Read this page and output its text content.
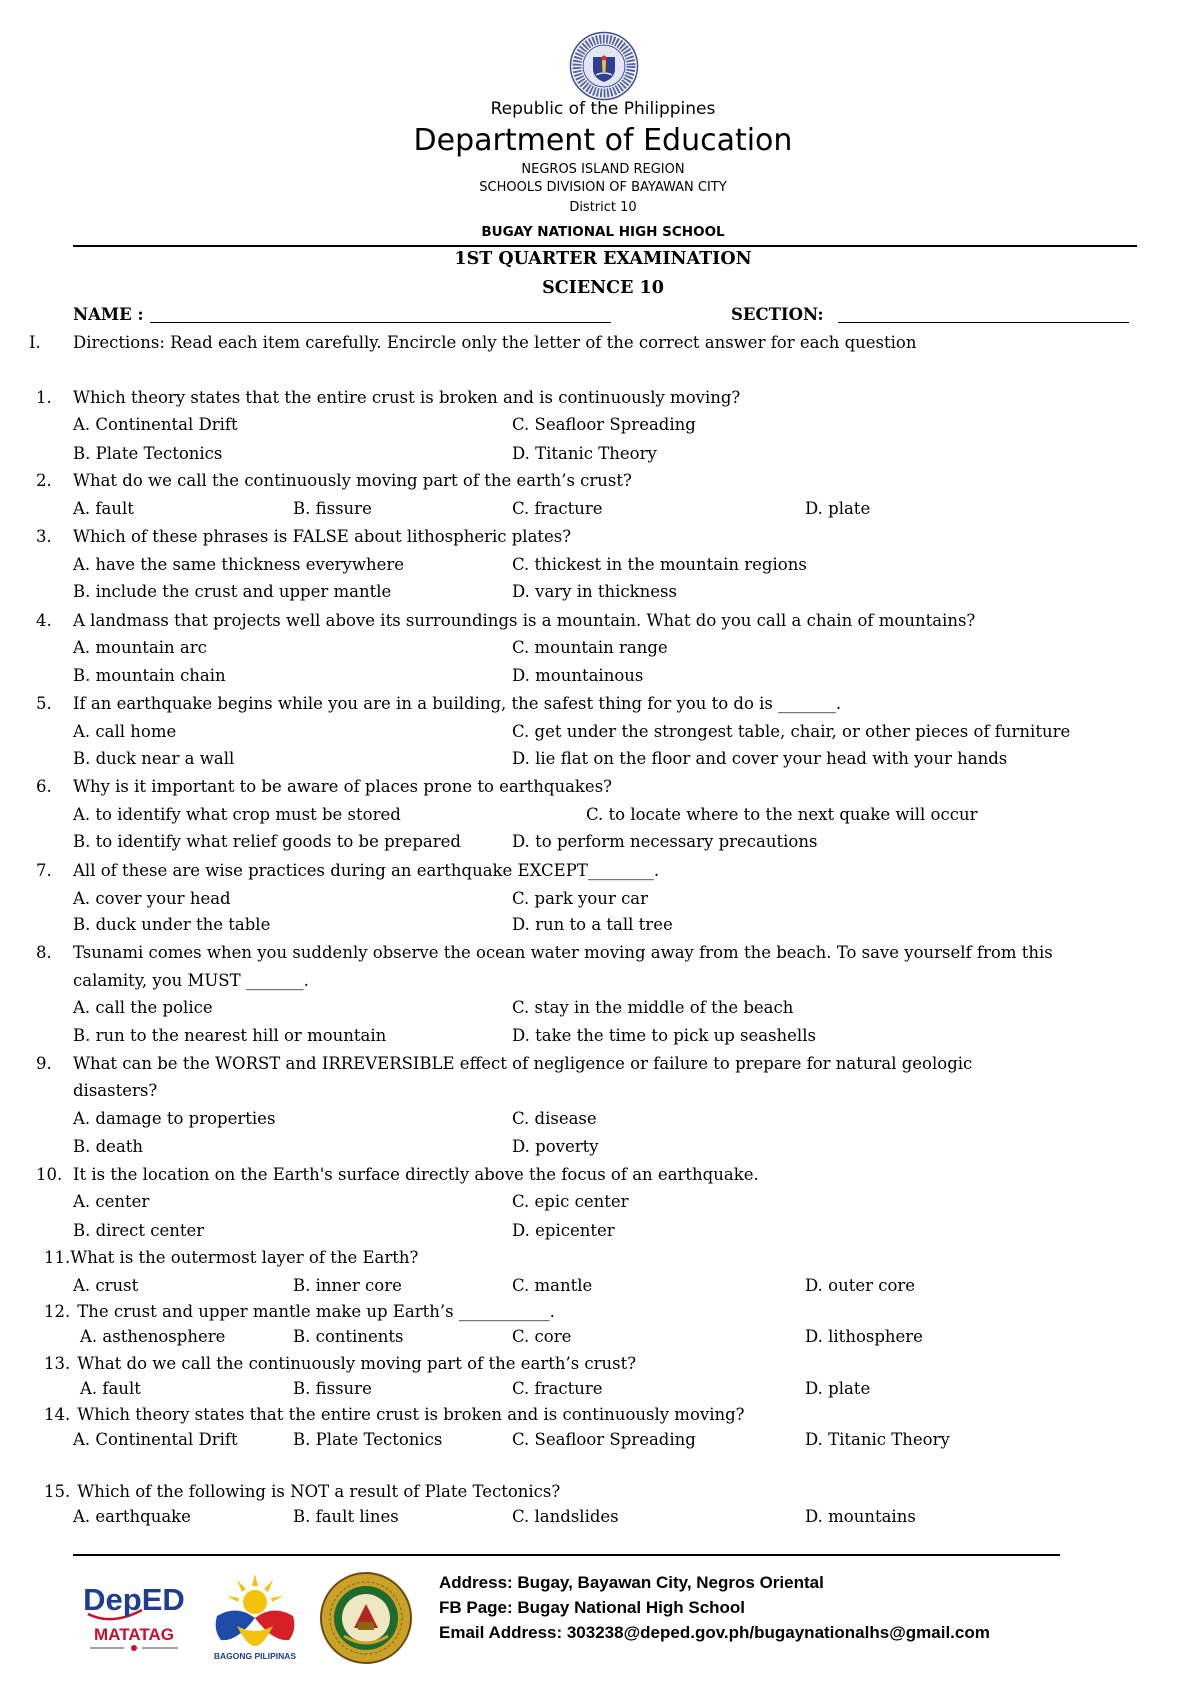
Republic of the Philippines
Department of Education
NEGROS ISLAND REGION
SCHOOLS DIVISION OF BAYAWAN CITY
District 10
BUGAY NATIONAL HIGH SCHOOL
1ST QUARTER EXAMINATION
SCIENCE 10
NAME :	SECTION:
I. Directions: Read each item carefully. Encircle only the letter of the correct answer for each question
1. Which theory states that the entire crust is broken and is continuously moving?
A. Continental Drift	C. Seafloor Spreading
B. Plate Tectonics	D. Titanic Theory
2. What do we call the continuously moving part of the earth’s crust?
A. fault	B. fissure	C. fracture	D. plate
3. Which of these phrases is FALSE about lithospheric plates?
A. have the same thickness everywhere	C. thickest in the mountain regions
B. include the crust and upper mantle	D. vary in thickness
4. A landmass that projects well above its surroundings is a mountain. What do you call a chain of mountains?
A. mountain arc	C. mountain range
B. mountain chain	D. mountainous
5. If an earthquake begins while you are in a building, the safest thing for you to do is _______.
A. call home	C. get under the strongest table, chair, or other pieces of furniture
B. duck near a wall	D. lie flat on the floor and cover your head with your hands
6. Why is it important to be aware of places prone to earthquakes?
A. to identify what crop must be stored	C. to locate where to the next quake will occur
B. to identify what relief goods to be prepared	D. to perform necessary precautions
7. All of these are wise practices during an earthquake EXCEPT________.
A. cover your head	C. park your car
B. duck under the table	D. run to a tall tree
8. Tsunami comes when you suddenly observe the ocean water moving away from the beach. To save yourself from this
calamity, you MUST _______.
A. call the police	C. stay in the middle of the beach
B. run to the nearest hill or mountain	D. take the time to pick up seashells
9. What can be the WORST and IRREVERSIBLE effect of negligence or failure to prepare for natural geologic
disasters?
A. damage to properties	C. disease
B. death	D. poverty
10. It is the location on the Earth's surface directly above the focus of an earthquake.
A. center	C. epic center
B. direct center	D. epicenter
11.What is the outermost layer of the Earth?
A. crust	B. inner core	C. mantle	D. outer core
12. The crust and upper mantle make up Earth’s ___________.
A. asthenosphere	B. continents	C. core	D. lithosphere
13. What do we call the continuously moving part of the earth’s crust?
A. fault	B. fissure	C. fracture	D. plate
14. Which theory states that the entire crust is broken and is continuously moving?
A. Continental Drift	B. Plate Tectonics	C. Seafloor Spreading	D. Titanic Theory
15. Which of the following is NOT a result of Plate Tectonics?
A. earthquake	B. fault lines	C. landslides	D. mountains
DepED
MATATAG
BAGONG PILIPINAS
Address: Bugay, Bayawan City, Negros Oriental
FB Page: Bugay National High School
Email Address: 303238@deped.gov.ph/bugaynationalhs@gmail.com
